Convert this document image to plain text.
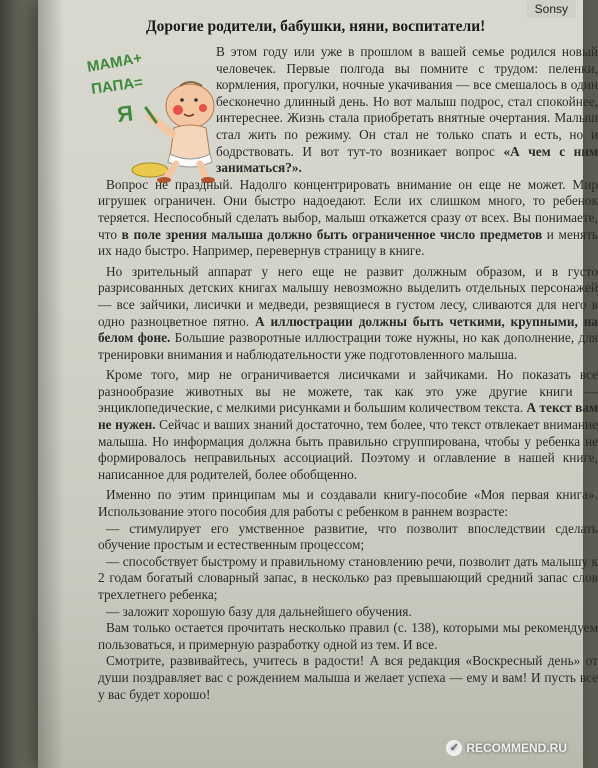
Sonsy
Дорогие родители, бабушки, няни, воспитатели!
МАМА+
ПАПА=
Я

В этом году или уже в прошлом в вашей семье родился новый человечек. Первые полгода вы помните с трудом: пеленки, кормления, прогулки, ночные укачивания — все смешалось в один бесконечно длинный день. Но вот малыш подрос, стал спокойнее, интереснее. Жизнь стала приобретать внятные очертания. Малыш стал жить по режиму. Он стал не только спать и есть, но и бодрствовать. И вот тут-то возникает вопрос «А чем с ним заниматься?».

Вопрос не праздный. Надолго концентрировать внимание он еще не может. Мир игрушек ограничен. Они быстро надоедают. Если их слишком много, то ребенок теряется. Неспособный сделать выбор, малыш откажется сразу от всех. Вы понимаете, что в поле зрения малыша должно быть ограниченное число предметов и менять их надо быстро. Например, перевернув страницу в книге.

Но зрительный аппарат у него еще не развит должным образом, и в густо разрисованных детских книгах малышу невозможно выделить отдельных персонажей — все зайчики, лисички и медведи, резвящиеся в густом лесу, сливаются для него в одно разноцветное пятно. А иллюстрации должны быть четкими, крупными, на белом фоне. Большие разворотные иллюстрации тоже нужны, но как дополнение, для тренировки внимания и наблюдательности уже подготовленного малыша.

Кроме того, мир не ограничивается лисичками и зайчиками. Но показать все разнообразие животных вы не можете, так как это уже другие книги — энциклопедические, с мелкими рисунками и большим количеством текста. А текст вам не нужен. Сейчас и ваших знаний достаточно, тем более, что текст отвлекает внимание малыша. Но информация должна быть правильно сгруппирована, чтобы у ребенка не формировалось неправильных ассоциаций. Поэтому и оглавление в нашей книге, написанное для родителей, более обобщенно.

Именно по этим принципам мы и создавали книгу-пособие «Моя первая книга». Использование этого пособия для работы с ребенком в раннем возрасте:

— стимулирует его умственное развитие, что позволит впоследствии сделать обучение простым и естественным процессом;

— способствует быстрому и правильному становлению речи, позволит дать малышу к 2 годам богатый словарный запас, в несколько раз превышающий средний запас слов трехлетнего ребенка;

— заложит хорошую базу для дальнейшего обучения.

Вам только остается прочитать несколько правил (с. 138), которыми мы рекомендуем пользоваться, и примерную разработку одной из тем. И все.

Смотрите, развивайтесь, учитесь в радости! А вся редакция «Воскресный день» от души поздравляет вас с рождением малыша и желает успеха — ему и вам! И пусть все у вас будет хорошо!

✓ RECOMMEND.RU
